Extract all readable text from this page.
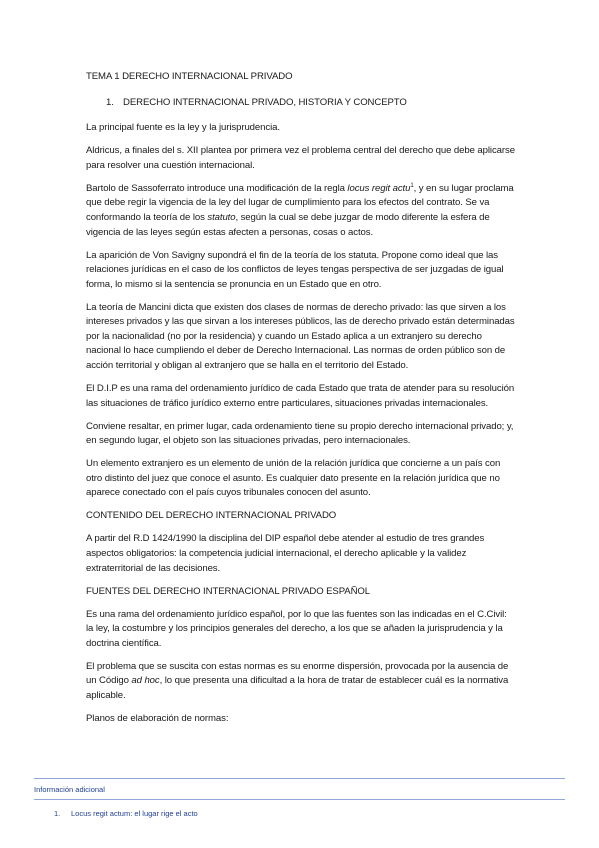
TEMA 1 DERECHO INTERNACIONAL PRIVADO

1. DERECHO INTERNACIONAL PRIVADO, HISTORIA Y CONCEPTO

La principal fuente es la ley y la jurisprudencia.

Aldricus, a finales del s. XII plantea por primera vez el problema central del derecho que debe aplicarse para resolver una cuestión internacional.

Bartolo de Sassoferrato introduce una modificación de la regla locus regit actu$^1$, y en su lugar proclama que debe regir la vigencia de la ley del lugar de cumplimiento para los efectos del contrato. Se va conformando la teoría de los statuto, según la cual se debe juzgar de modo diferente la esfera de vigencia de las leyes según estas afecten a personas, cosas o actos.

La aparición de Von Savigny supondrá el fin de la teoría de los statuta. Propone como ideal que las relaciones jurídicas en el caso de los conflictos de leyes tengas perspectiva de ser juzgadas de igual forma, lo mismo si la sentencia se pronuncia en un Estado que en otro.

La teoría de Mancini dicta que existen dos clases de normas de derecho privado: las que sirven a los intereses privados y las que sirvan a los intereses públicos, las de derecho privado están determinadas por la nacionalidad (no por la residencia) y cuando un Estado aplica a un extranjero su derecho nacional lo hace cumpliendo el deber de Derecho Internacional. Las normas de orden público son de acción territorial y obligan al extranjero que se halla en el territorio del Estado.

El D.I.P es una rama del ordenamiento jurídico de cada Estado que trata de atender para su resolución las situaciones de tráfico jurídico externo entre particulares, situaciones privadas internacionales.

Conviene resaltar, en primer lugar, cada ordenamiento tiene su propio derecho internacional privado; y, en segundo lugar, el objeto son las situaciones privadas, pero internacionales.

Un elemento extranjero es un elemento de unión de la relación jurídica que concierne a un país con otro distinto del juez que conoce el asunto. Es cualquier dato presente en la relación jurídica que no aparece conectado con el país cuyos tribunales conocen del asunto.

CONTENIDO DEL DERECHO INTERNACIONAL PRIVADO

A partir del R.D 1424/1990 la disciplina del DIP español debe atender al estudio de tres grandes aspectos obligatorios: la competencia judicial internacional, el derecho aplicable y la validez extraterritorial de las decisiones.

FUENTES DEL DERECHO INTERNACIONAL PRIVADO ESPAÑOL

Es una rama del ordenamiento jurídico español, por lo que las fuentes son las indicadas en el C.Civil: la ley, la costumbre y los principios generales del derecho, a los que se añaden la jurisprudencia y la doctrina científica.

El problema que se suscita con estas normas es su enorme dispersión, provocada por la ausencia de un Código ad hoc, lo que presenta una dificultad a la hora de tratar de establecer cuál es la normativa aplicable.

Planos de elaboración de normas:

Información adicional
1. Locus regit actum: el lugar rige el acto
